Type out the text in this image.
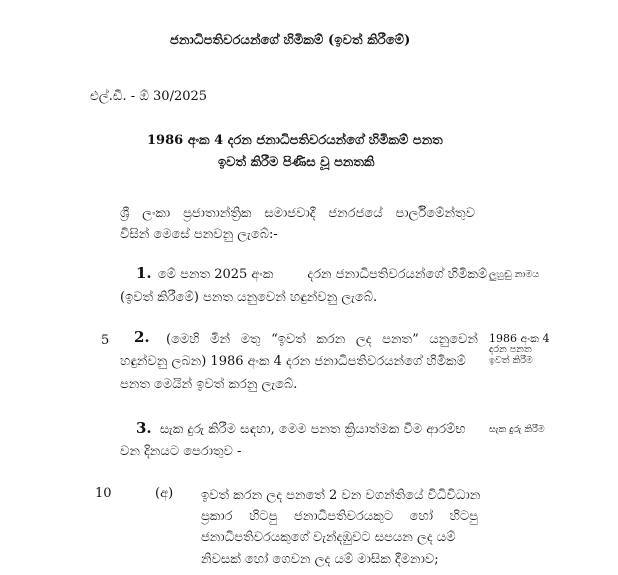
ජනාධිපතිවරයන්ගේ හිමිකම් (ඉවත් කිරීමේ)
එල්.ඩී. - ඕ 30/2025
1986 අංක 4 දරන ජනාධිපතිවරයන්ගේ හිමිකම් පනත
ඉවත් කිරීම පිණිස වූ පනතකි
ශ්‍රී ලංකා ප්‍රජාතාන්ත්‍රික සමාජවාදී ජනරජයේ පාර්ලිමේන්තුව
විසින් මෙසේ පනවනු ලැබේ:-
1. මේ පනත 2025 අංක	දරන ජනාධිපතිවරයන්ගේ හිමිකම්
(ඉවත් කිරීමේ) පනත යනුවෙන් හඳුන්වනු ලැබේ.
ලුහුඬු නාමය
5 2. (මෙහි මින් මතු “ඉවත් කරන ලද පනත” යනුවෙන්
හඳුන්වනු ලබන) 1986 අංක 4 දරන ජනාධිපතිවරයන්ගේ හිමිකම්
පනත මෙයින් ඉවත් කරනු ලැබේ.
1986 අංක 4
දරන පනත
ඉවත් කිරීම
3. සැක දුරු කිරීම සඳහා, මෙම පනත ක්‍රියාත්මක වීම ආරම්භ
වන දිනයට පෙරාතුව -
සැක දුරු කිරීම
10	(අ) ඉවත් කරන ලද පනතේ 2 වන වගන්තියේ විධිවිධාන
ප්‍රකාර හිටපු ජනාධිපතිවරයකුට හෝ හිටපු
ජනාධිපතිවරයකුගේ වැන්දඹුවට සපයන ලද යම්
නිවසක් හෝ ගෙවන ලද යම් මාසික දීමනාව;
